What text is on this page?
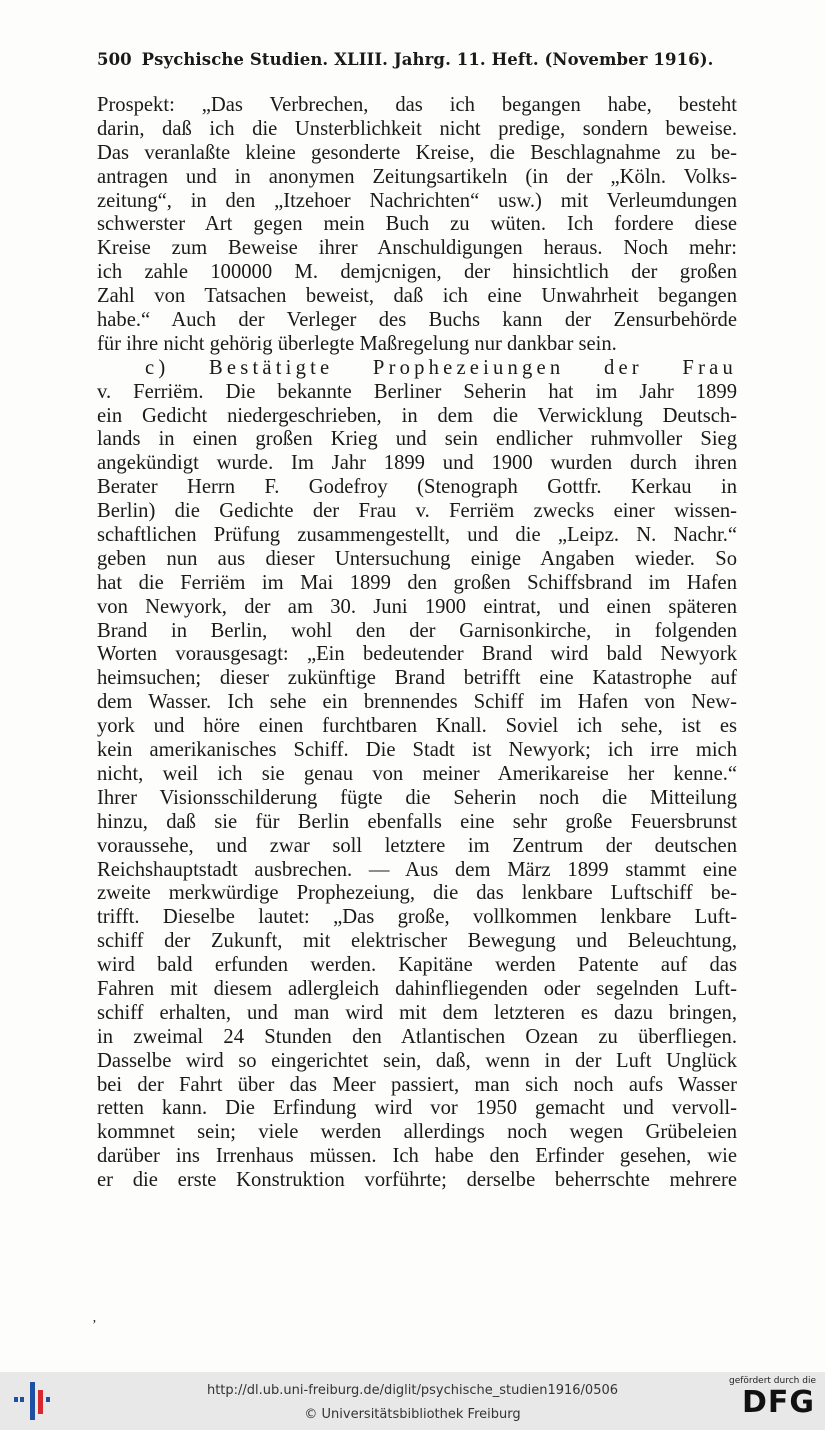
500 Psychische Studien. XLIII. Jahrg. 11. Heft. (November 1916).
Prospekt: „Das Verbrechen, das ich begangen habe, besteht
darin, daß ich die Unsterblichkeit nicht predige, sondern beweise.
Das veranlaßte kleine gesonderte Kreise, die Beschlagnahme zu be-
antragen und in anonymen Zeitungsartikeln (in der „Köln. Volks-
zeitung“, in den „Itzehoer Nachrichten“ usw.) mit Verleumdungen
schwerster Art gegen mein Buch zu wüten. Ich fordere diese
Kreise zum Beweise ihrer Anschuldigungen heraus. Noch mehr:
ich zahle 100000 M. demjcnigen, der hinsichtlich der großen
Zahl von Tatsachen beweist, daß ich eine Unwahrheit begangen
habe.“ Auch der Verleger des Buchs kann der Zensurbehörde
für ihre nicht gehörig überlegte Maßregelung nur dankbar sein.
c) Bestätigte Prophezeiungen der Frau
v. Ferriëm. Die bekannte Berliner Seherin hat im Jahr 1899
ein Gedicht niedergeschrieben, in dem die Verwicklung Deutsch-
lands in einen großen Krieg und sein endlicher ruhmvoller Sieg
angekündigt wurde. Im Jahr 1899 und 1900 wurden durch ihren
Berater Herrn F. Godefroy (Stenograph Gottfr. Kerkau in
Berlin) die Gedichte der Frau v. Ferriëm zwecks einer wissen-
schaftlichen Prüfung zusammengestellt, und die „Leipz. N. Nachr.“
geben nun aus dieser Untersuchung einige Angaben wieder. So
hat die Ferriëm im Mai 1899 den großen Schiffsbrand im Hafen
von Newyork, der am 30. Juni 1900 eintrat, und einen späteren
Brand in Berlin, wohl den der Garnisonkirche, in folgenden
Worten vorausgesagt: „Ein bedeutender Brand wird bald Newyork
heimsuchen; dieser zukünftige Brand betrifft eine Katastrophe auf
dem Wasser. Ich sehe ein brennendes Schiff im Hafen von New-
york und höre einen furchtbaren Knall. Soviel ich sehe, ist es
kein amerikanisches Schiff. Die Stadt ist Newyork; ich irre mich
nicht, weil ich sie genau von meiner Amerikareise her kenne.“
Ihrer Visionsschilderung fügte die Seherin noch die Mitteilung
hinzu, daß sie für Berlin ebenfalls eine sehr große Feuersbrunst
voraussehe, und zwar soll letztere im Zentrum der deutschen
Reichshauptstadt ausbrechen. — Aus dem März 1899 stammt eine
zweite merkwürdige Prophezeiung, die das lenkbare Luftschiff be-
trifft. Dieselbe lautet: „Das große, vollkommen lenkbare Luft-
schiff der Zukunft, mit elektrischer Bewegung und Beleuchtung,
wird bald erfunden werden. Kapitäne werden Patente auf das
Fahren mit diesem adlergleich dahinfliegenden oder segelnden Luft-
schiff erhalten, und man wird mit dem letzteren es dazu bringen,
in zweimal 24 Stunden den Atlantischen Ozean zu überfliegen.
Dasselbe wird so eingerichtet sein, daß, wenn in der Luft Unglück
bei der Fahrt über das Meer passiert, man sich noch aufs Wasser
retten kann. Die Erfindung wird vor 1950 gemacht und vervoll-
kommnet sein; viele werden allerdings noch wegen Grübeleien
darüber ins Irrenhaus müssen. Ich habe den Erfinder gesehen, wie
er die erste Konstruktion vorführte; derselbe beherrschte mehrere
’
http://dl.ub.uni-freiburg.de/diglit/psychische_studien1916/0506
© Universitätsbibliothek Freiburg
gefördert durch die
DFG
